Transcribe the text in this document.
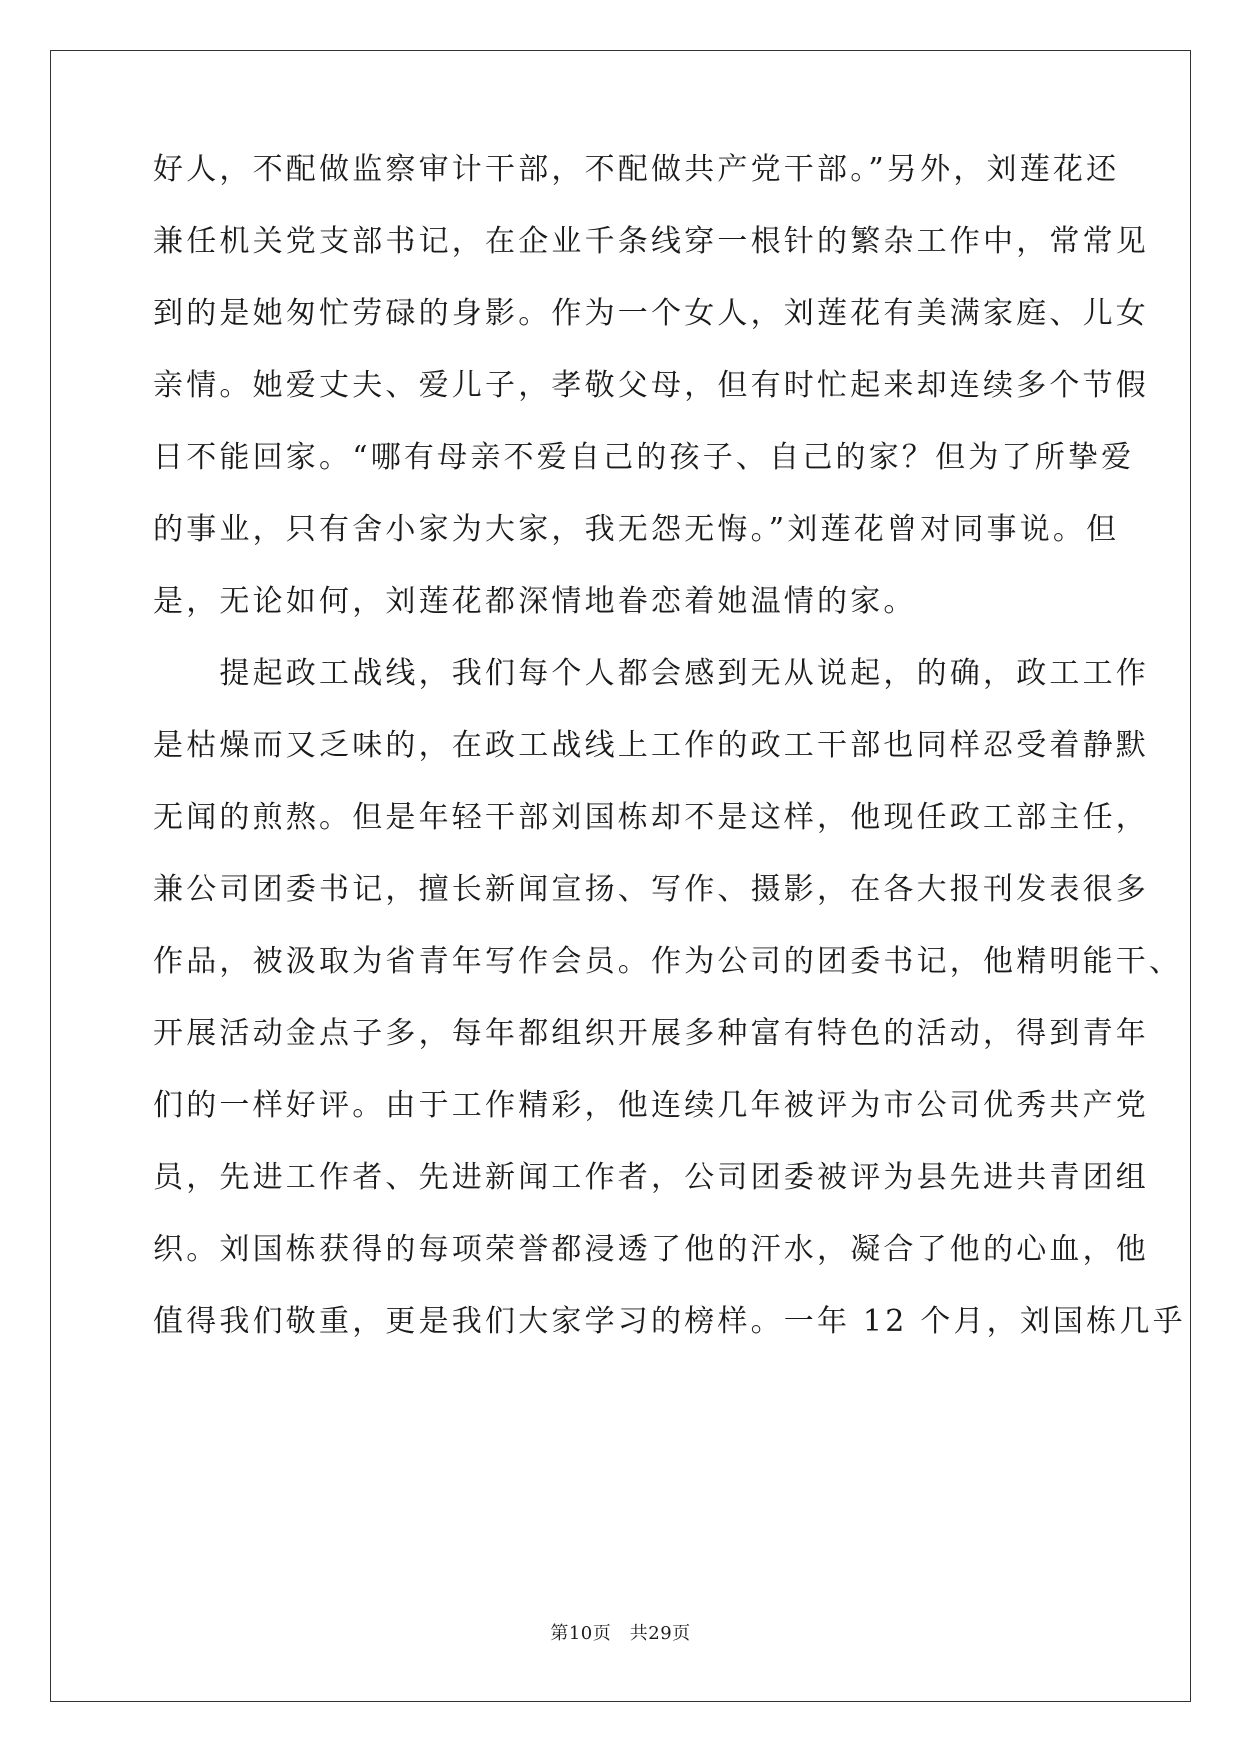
好人，不配做监察审计干部，不配做共产党干部。”另外，刘莲花还
兼任机关党支部书记，在企业千条线穿一根针的繁杂工作中，常常见
到的是她匆忙劳碌的身影。作为一个女人，刘莲花有美满家庭、儿女
亲情。她爱丈夫、爱儿子，孝敬父母，但有时忙起来却连续多个节假
日不能回家。“哪有母亲不爱自己的孩子、自己的家？但为了所挚爱
的事业，只有舍小家为大家，我无怨无悔。”刘莲花曾对同事说。但
是，无论如何，刘莲花都深情地眷恋着她温情的家。
　　提起政工战线，我们每个人都会感到无从说起，的确，政工工作
是枯燥而又乏味的，在政工战线上工作的政工干部也同样忍受着静默
无闻的煎熬。但是年轻干部刘国栋却不是这样，他现任政工部主任，
兼公司团委书记，擅长新闻宣扬、写作、摄影，在各大报刊发表很多
作品，被汲取为省青年写作会员。作为公司的团委书记，他精明能干、
开展活动金点子多，每年都组织开展多种富有特色的活动，得到青年
们的一样好评。由于工作精彩，他连续几年被评为市公司优秀共产党
员，先进工作者、先进新闻工作者，公司团委被评为县先进共青团组
织。刘国栋获得的每项荣誉都浸透了他的汗水，凝合了他的心血，他
值得我们敬重，更是我们大家学习的榜样。一年 12 个月，刘国栋几乎
第10页　共29页
